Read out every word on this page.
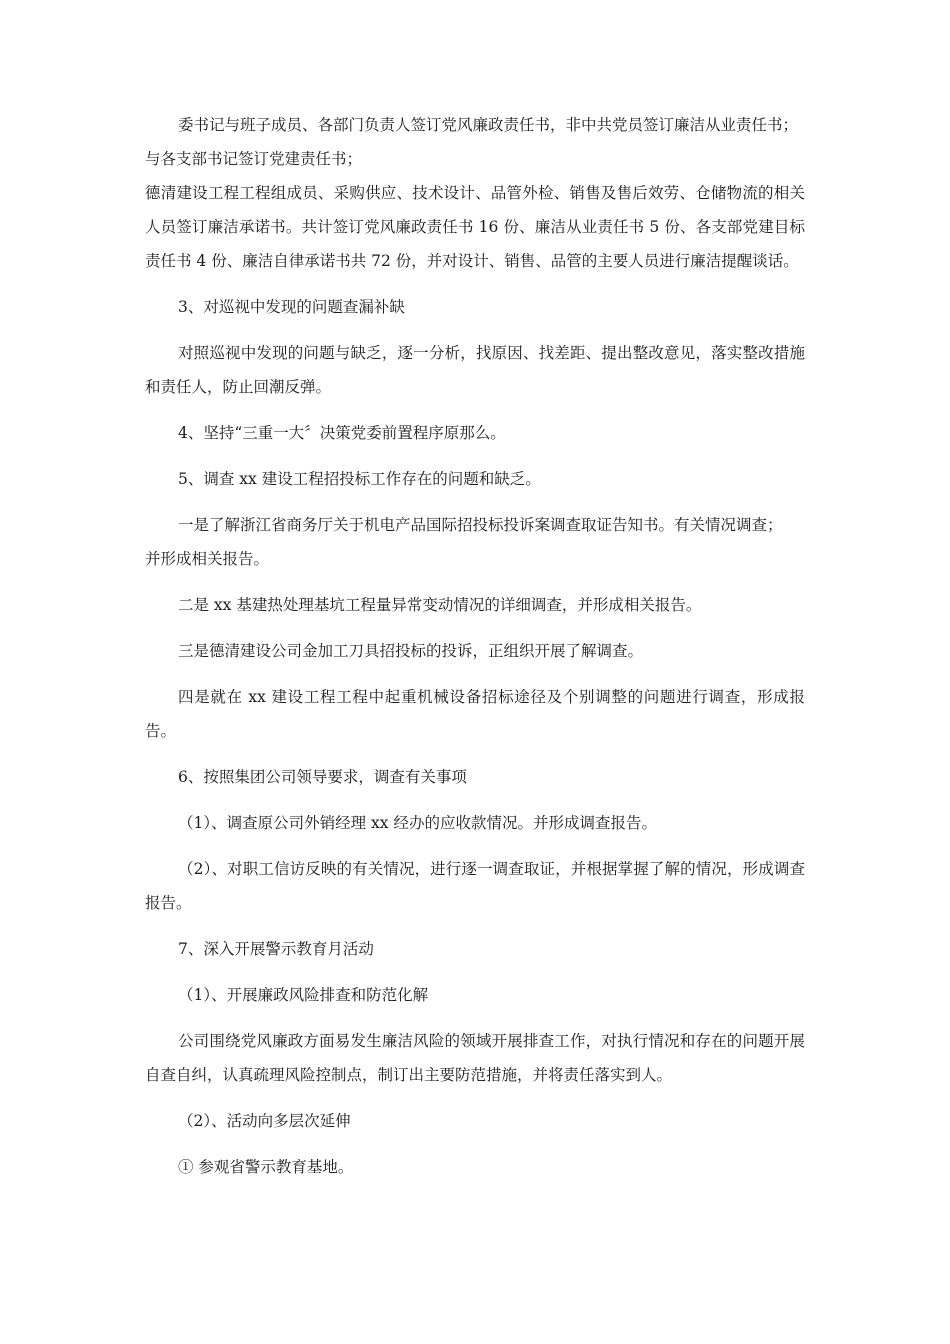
委书记与班子成员、各部门负责人签订党风廉政责任书，非中共党员签订廉洁从业责任书；

与各支部书记签订党建责任书；

德清建设工程工程组成员、采购供应、技术设计、品管外检、销售及售后效劳、仓储物流的相关人员签订廉洁承诺书。共计签订党风廉政责任书 16 份、廉洁从业责任书 5 份、各支部党建目标责任书 4 份、廉洁自律承诺书共 72 份，并对设计、销售、品管的主要人员进行廉洁提醒谈话。

3、对巡视中发现的问题查漏补缺

对照巡视中发现的问题与缺乏，逐一分析，找原因、找差距、提出整改意见，落实整改措施和责任人，防止回潮反弹。

4、坚持“三重一大〞决策党委前置程序原那么。

5、调查 xx 建设工程招投标工作存在的问题和缺乏。

一是了解浙江省商务厅关于机电产品国际招投标投诉案调查取证告知书。有关情况调查；

并形成相关报告。

二是 xx 基建热处理基坑工程量异常变动情况的详细调查，并形成相关报告。

三是德清建设公司金加工刀具招投标的投诉，正组织开展了解调查。

四是就在 xx 建设工程工程中起重机械设备招标途径及个别调整的问题进行调查，形成报告。

6、按照集团公司领导要求，调查有关事项

（1）、调查原公司外销经理 xx 经办的应收款情况。并形成调查报告。

（2）、对职工信访反映的有关情况，进行逐一调查取证，并根据掌握了解的情况，形成调查报告。

7、深入开展警示教育月活动

（1）、开展廉政风险排查和防范化解

公司围绕党风廉政方面易发生廉洁风险的领域开展排查工作，对执行情况和存在的问题开展自查自纠，认真疏理风险控制点，制订出主要防范措施，并将责任落实到人。

（2）、活动向多层次延伸

① 参观省警示教育基地。
